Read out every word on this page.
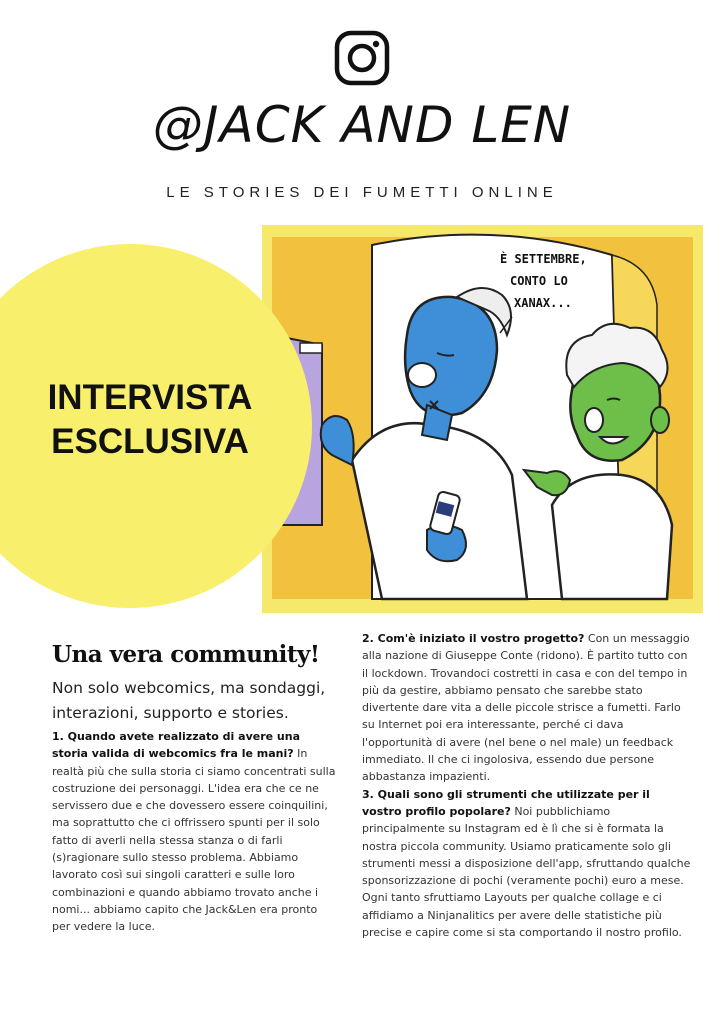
@JACK AND LEN
LE STORIES DEI FUMETTI ONLINE
È SETTEMBRE,
CONTO LO
XANAX...
INTERVISTA
ESCLUSIVA
Una vera community!

Non solo webcomics, ma sondaggi, interazioni, supporto e stories.

1. Quando avete realizzato di avere una storia valida di webcomics fra le mani? In realtà più che sulla storia ci siamo concentrati sulla costruzione dei personaggi. L'idea era che ce ne servissero due e che dovessero essere coinquilini, ma soprattutto che ci offrissero spunti per il solo fatto di averli nella stessa stanza o di farli (s)ragionare sullo stesso problema. Abbiamo lavorato così sui singoli caratteri e sulle loro combinazioni e quando abbiamo trovato anche i nomi... abbiamo capito che Jack&Len era pronto per vedere la luce.

2. Com'è iniziato il vostro progetto? Con un messaggio alla nazione di Giuseppe Conte (ridono). È partito tutto con il lockdown. Trovandoci costretti in casa e con del tempo in più da gestire, abbiamo pensato che sarebbe stato divertente dare vita a delle piccole strisce a fumetti. Farlo su Internet poi era interessante, perché ci dava l'opportunità di avere (nel bene o nel male) un feedback immediato. Il che ci ingolosiva, essendo due persone abbastanza impazienti.

3. Quali sono gli strumenti che utilizzate per il vostro profilo popolare? Noi pubblichiamo principalmente su Instagram ed è lì che si è formata la nostra piccola community. Usiamo praticamente solo gli strumenti messi a disposizione dell'app, sfruttando qualche sponsorizzazione di pochi (veramente pochi) euro a mese. Ogni tanto sfruttiamo Layouts per qualche collage e ci affidiamo a Ninjanalitics per avere delle statistiche più precise e capire come si sta comportando il nostro profilo.
